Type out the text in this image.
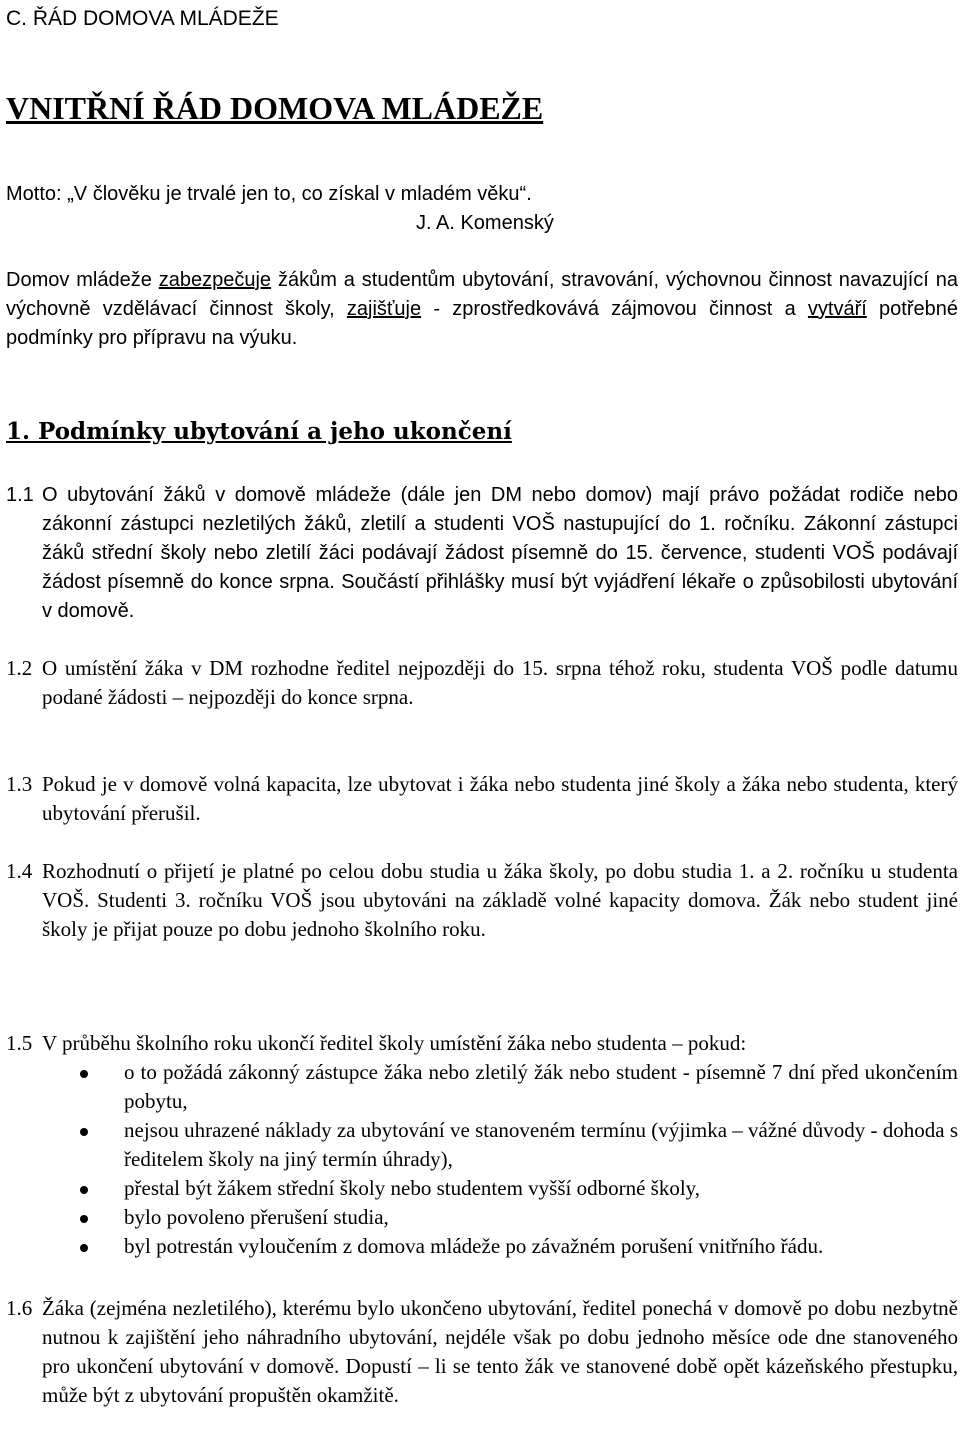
C. ŘÁD DOMOVA MLÁDEŽE
VNITŘNÍ ŘÁD DOMOVA MLÁDEŽE
Motto: „V člověku je trvalé jen to, co získal v mladém věku“.
J. A. Komenský
Domov mládeže zabezpečuje žákům a studentům ubytování, stravování, výchovnou činnost navazující na výchovně vzdělávací činnost školy, zajišťuje - zprostředkovává zájmovou činnost a vytváří potřebné podmínky pro přípravu na výuku.
1. Podmínky ubytování a jeho ukončení
1.1 O ubytování žáků v domově mládeže (dále jen DM nebo domov) mají právo požádat rodiče nebo zákonní zástupci nezletilých žáků, zletilí a studenti VOŠ nastupující do 1. ročníku. Zákonní zástupci žáků střední školy nebo zletilí žáci podávají žádost písemně do 15. července, studenti VOŠ podávají žádost písemně do konce srpna. Součástí přihlášky musí být vyjádření lékaře o způsobilosti ubytování v domově.
1.2 O umístění žáka v DM rozhodne ředitel nejpozději do 15. srpna téhož roku, studenta VOŠ podle datumu podané žádosti – nejpozději do konce srpna.
1.3 Pokud je v domově volná kapacita, lze ubytovat i žáka nebo studenta jiné školy a žáka nebo studenta, který ubytování přerušil.
1.4 Rozhodnutí o přijetí je platné po celou dobu studia u žáka školy, po dobu studia 1. a 2. ročníku u studenta VOŠ. Studenti 3. ročníku VOŠ jsou ubytováni na základě volné kapacity domova. Žák nebo student jiné školy je přijat pouze po dobu jednoho školního roku.
1.5 V průběhu školního roku ukončí ředitel školy umístění žáka nebo studenta – pokud:
o to požádá zákonný zástupce žáka nebo zletilý žák nebo student - písemně 7 dní před ukončením pobytu,
nejsou uhrazené náklady za ubytování ve stanoveném termínu (výjimka – vážné důvody - dohoda s ředitelem školy na jiný termín úhrady),
přestal být žákem střední školy nebo studentem vyšší odborné školy,
bylo povoleno přerušení studia,
byl potrestán vyloučením z domova mládeže po závažném porušení vnitřního řádu.
1.6 Žáka (zejména nezletilého), kterému bylo ukončeno ubytování, ředitel ponechá v domově po dobu nezbytně nutnou k zajištění jeho náhradního ubytování, nejdéle však po dobu jednoho měsíce ode dne stanoveného pro ukončení ubytování v domově. Dopustí – li se tento žák ve stanovené době opět kázeňského přestupku, může být z ubytování propuštěn okamžitě.
